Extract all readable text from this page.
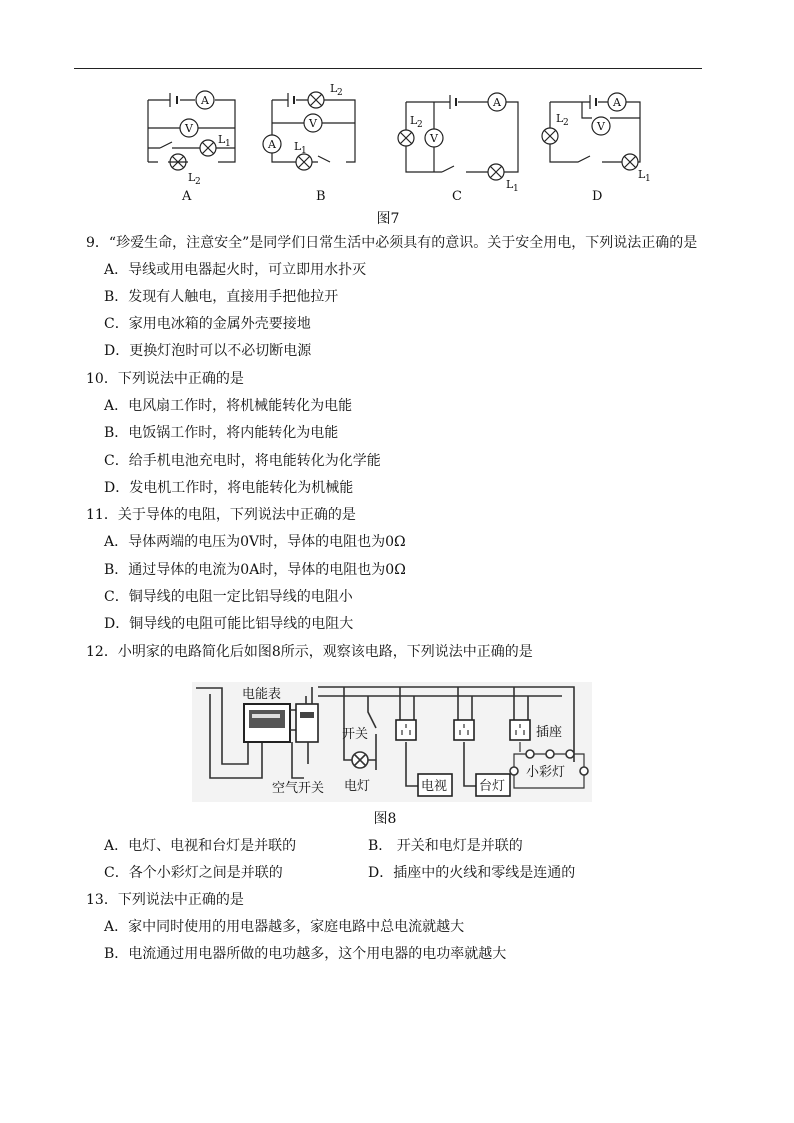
A
V
L 1
L 2
A
L 2
V
A L 1
B
A
L 2
V
L 1
C
A
V
L 2
L 1
D
图7
9．“珍爱生命，注意安全”是同学们日常生活中必须具有的意识。关于安全用电，下列说法正确的是
A．导线或用电器起火时，可立即用水扑灭
B．发现有人触电，直接用手把他拉开
C．家用电冰箱的金属外壳要接地
D．更换灯泡时可以不必切断电源
10．下列说法中正确的是
A．电风扇工作时，将机械能转化为电能
B．电饭锅工作时，将内能转化为电能
C．给手机电池充电时，将电能转化为化学能
D．发电机工作时，将电能转化为机械能
11．关于导体的电阻，下列说法中正确的是
A．导体两端的电压为0V时，导体的电阻也为0Ω
B．通过导体的电流为0A时，导体的电阻也为0Ω
C．铜导线的电阻一定比铝导线的电阻小
D．铜导线的电阻可能比铝导线的电阻大
12．小明家的电路简化后如图8所示，观察该电路，下列说法中正确的是
电能表
空气开关
开关
电灯	电视 台灯
插座
小彩灯
图8
A．电灯、电视和台灯是并联的	B． 开关和电灯是并联的
C．各个小彩灯之间是并联的	D．插座中的火线和零线是连通的
13．下列说法中正确的是
A．家中同时使用的用电器越多，家庭电路中总电流就越大
B．电流通过用电器所做的电功越多，这个用电器的电功率就越大
